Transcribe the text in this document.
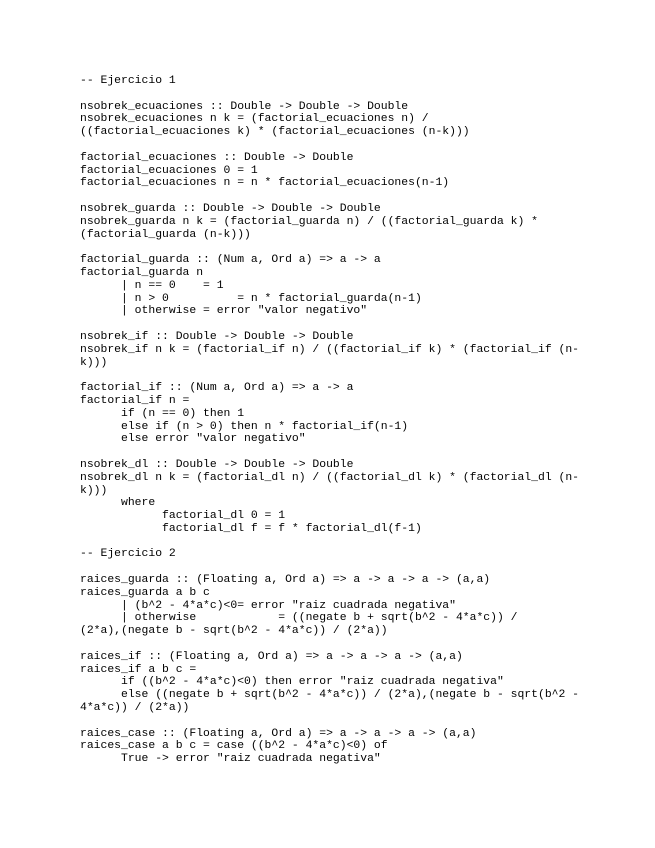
-- Ejercicio 1
nsobrek_ecuaciones :: Double -> Double -> Double
nsobrek_ecuaciones n k = (factorial_ecuaciones n) /
((factorial_ecuaciones k) * (factorial_ecuaciones (n-k)))
factorial_ecuaciones :: Double -> Double
factorial_ecuaciones 0 = 1
factorial_ecuaciones n = n * factorial_ecuaciones(n-1)
nsobrek_guarda :: Double -> Double -> Double
nsobrek_guarda n k = (factorial_guarda n) / ((factorial_guarda k) *
(factorial_guarda (n-k)))
factorial_guarda :: (Num a, Ord a) => a -> a
factorial_guarda n
| n == 0    = 1
| n > 0          = n * factorial_guarda(n-1)
| otherwise = error "valor negativo"
nsobrek_if :: Double -> Double -> Double
nsobrek_if n k = (factorial_if n) / ((factorial_if k) * (factorial_if (n-
k)))
factorial_if :: (Num a, Ord a) => a -> a
factorial_if n =
if (n == 0) then 1
else if (n > 0) then n * factorial_if(n-1)
else error "valor negativo"
nsobrek_dl :: Double -> Double -> Double
nsobrek_dl n k = (factorial_dl n) / ((factorial_dl k) * (factorial_dl (n-
k)))
where
factorial_dl 0 = 1
factorial_dl f = f * factorial_dl(f-1)
-- Ejercicio 2
raices_guarda :: (Floating a, Ord a) => a -> a -> a -> (a,a)
raices_guarda a b c
| (b^2 - 4*a*c)<0= error "raiz cuadrada negativa"
| otherwise            = ((negate b + sqrt(b^2 - 4*a*c)) /
(2*a),(negate b - sqrt(b^2 - 4*a*c)) / (2*a))
raices_if :: (Floating a, Ord a) => a -> a -> a -> (a,a)
raices_if a b c =
if ((b^2 - 4*a*c)<0) then error "raiz cuadrada negativa"
else ((negate b + sqrt(b^2 - 4*a*c)) / (2*a),(negate b - sqrt(b^2 -
4*a*c)) / (2*a))
raices_case :: (Floating a, Ord a) => a -> a -> a -> (a,a)
raices_case a b c = case ((b^2 - 4*a*c)<0) of
True -> error "raiz cuadrada negativa"
